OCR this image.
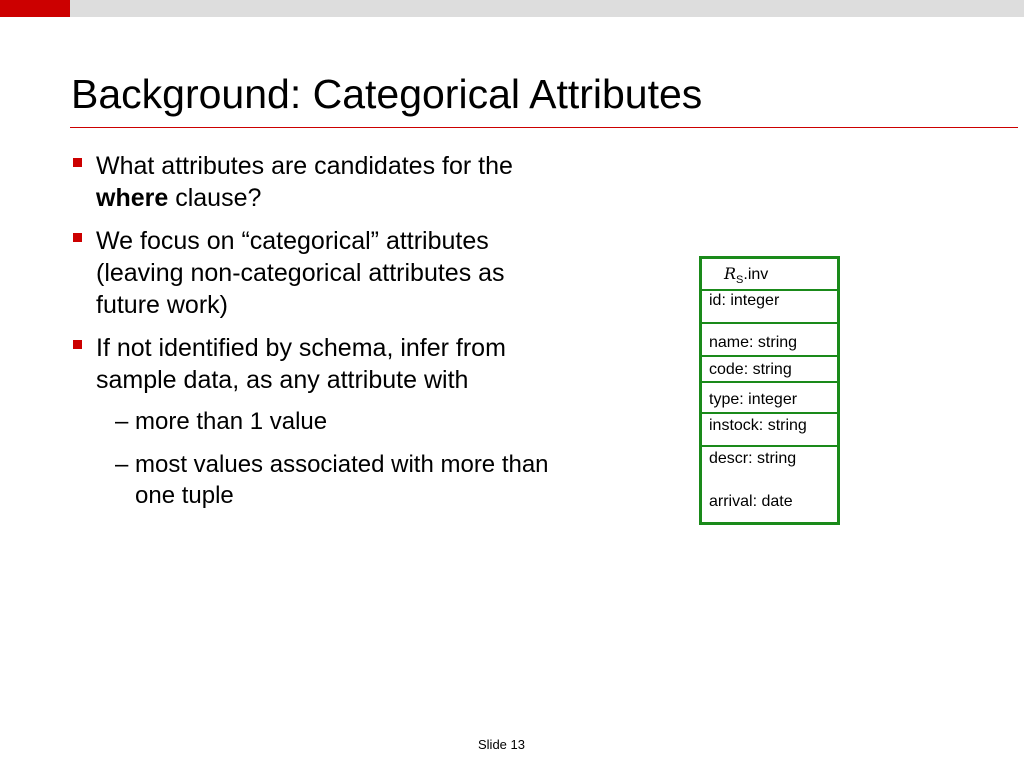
Background: Categorical Attributes
What attributes are candidates for the where clause?
We focus on “categorical” attributes (leaving non-categorical attributes as future work)
If not identified by schema, infer from sample data, as any attribute with
– more than 1 value
– most values associated with more than one tuple
$R_S.inv$
id: integer
name: string
code: string
type: integer
instock: string
descr: string
arrival: date
Slide 13
